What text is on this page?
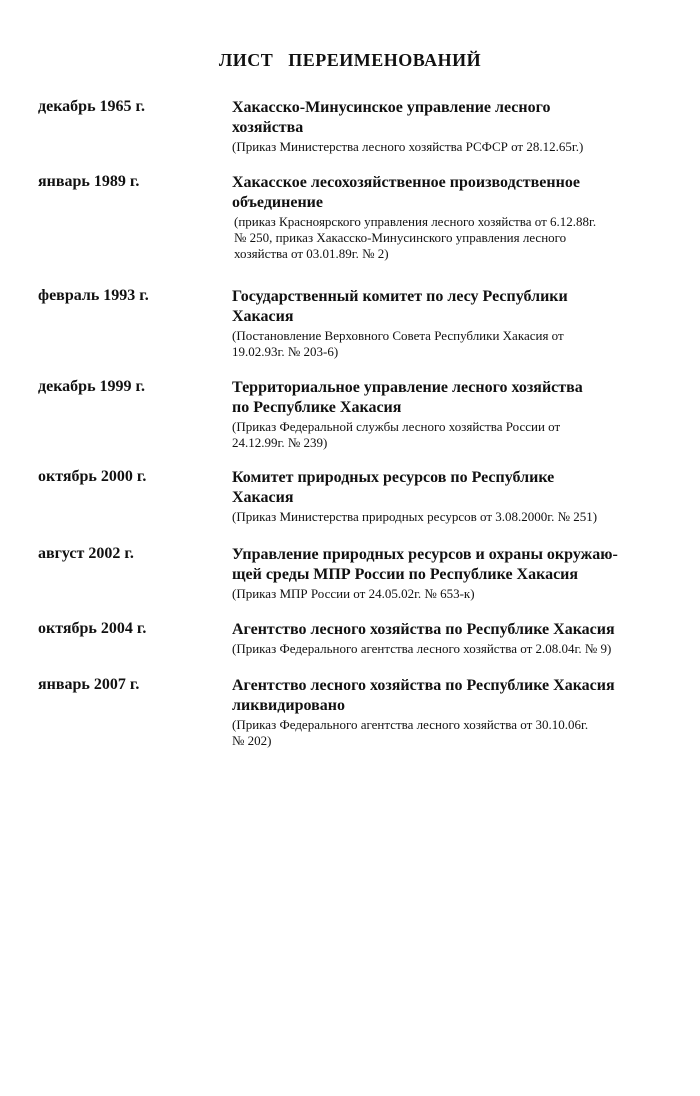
ЛИСТ ПЕРЕИМЕНОВАНИЙ
декабрь 1965 г.	Хакасско-Минусинское управление лесного
хозяйства
(Приказ Министерства лесного хозяйства РСФСР от 28.12.65г.)
январь 1989 г.	Хакасское лесохозяйственное производственное
объединение
(приказ Красноярского управления лесного хозяйства от 6.12.88г.
№ 250, приказ Хакасско-Минусинского управления лесного
хозяйства от 03.01.89г. № 2)
февраль 1993 г.	Государственный комитет по лесу Республики
Хакасия
(Постановление Верховного Совета Республики Хакасия от
19.02.93г. № 203-6)
декабрь 1999 г.	Территориальное управление лесного хозяйства
по Республике Хакасия
(Приказ Федеральной службы лесного хозяйства России от
24.12.99г. № 239)
октябрь 2000 г.	Комитет природных ресурсов по Республике
Хакасия
(Приказ Министерства природных ресурсов от 3.08.2000г. № 251)
август 2002 г.	Управление природных ресурсов и охраны окружаю-
щей среды МПР России по Республике Хакасия
(Приказ МПР России от 24.05.02г. № 653-к)
октябрь 2004 г.	Агентство лесного хозяйства по Республике Хакасия
(Приказ Федерального агентства лесного хозяйства от 2.08.04г. № 9)
январь 2007 г.	Агентство лесного хозяйства по Республике Хакасия
ликвидировано
(Приказ Федерального агентства лесного хозяйства от 30.10.06г.
№ 202)
